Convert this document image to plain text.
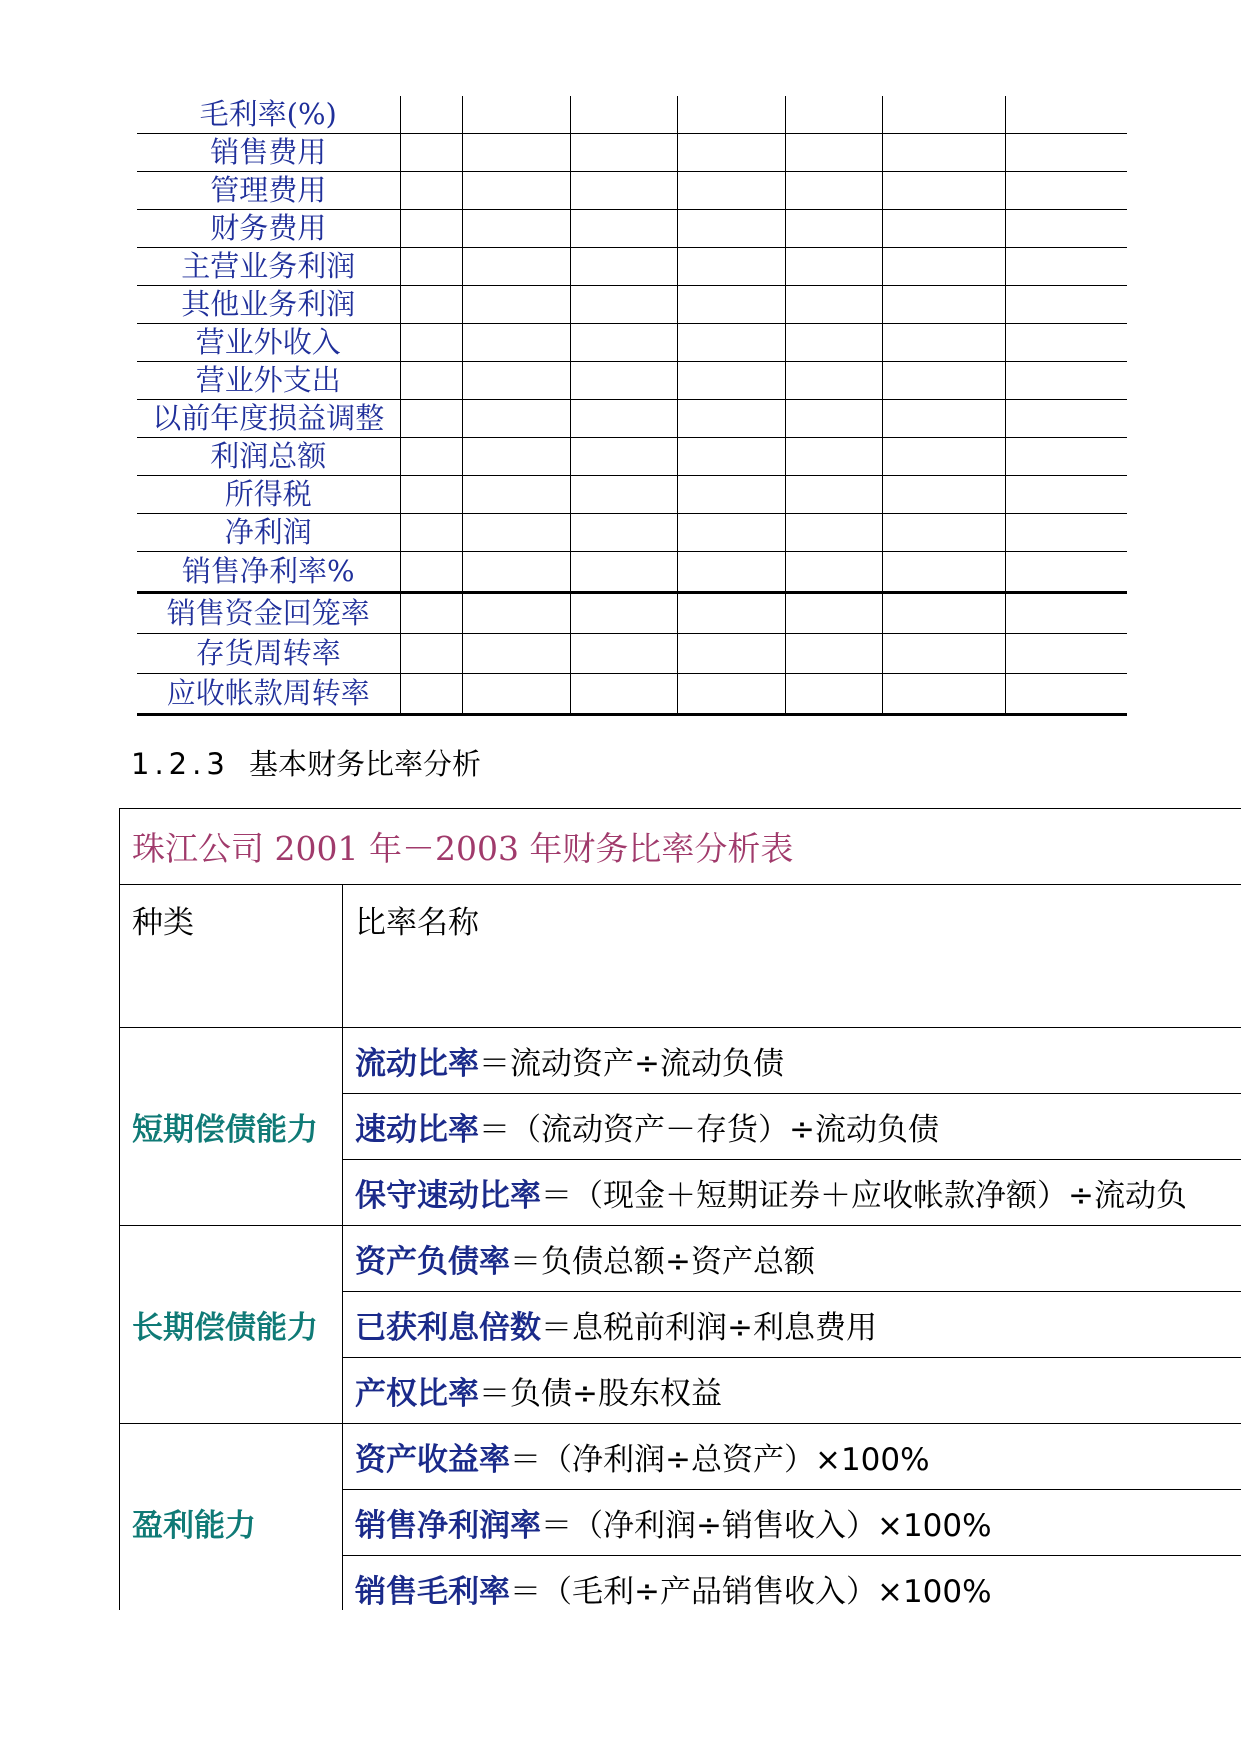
毛利率(%)							
销售费用							
管理费用							
财务费用							
主营业务利润							
其他业务利润							
营业外收入							
营业外支出							
以前年度损益调整							
利润总额							
所得税							
净利润							
销售净利率%							
销售资金回笼率							
存货周转率							
应收帐款周转率							
1.2.3 基本财务比率分析
珠江公司 2001 年－2003 年财务比率分析表	
种类	比率名称
短期偿债能力	流动比率＝流动资产÷流动负债
	速动比率＝（流动资产－存货）÷流动负债
	保守速动比率＝（现金＋短期证券＋应收帐款净额）÷流动负
长期偿债能力	资产负债率＝负债总额÷资产总额
	已获利息倍数＝息税前利润÷利息费用
	产权比率＝负债÷股东权益
盈利能力	资产收益率＝（净利润÷总资产）×100%
	销售净利润率＝（净利润÷销售收入）×100%
	销售毛利率＝（毛利÷产品销售收入）×100%
